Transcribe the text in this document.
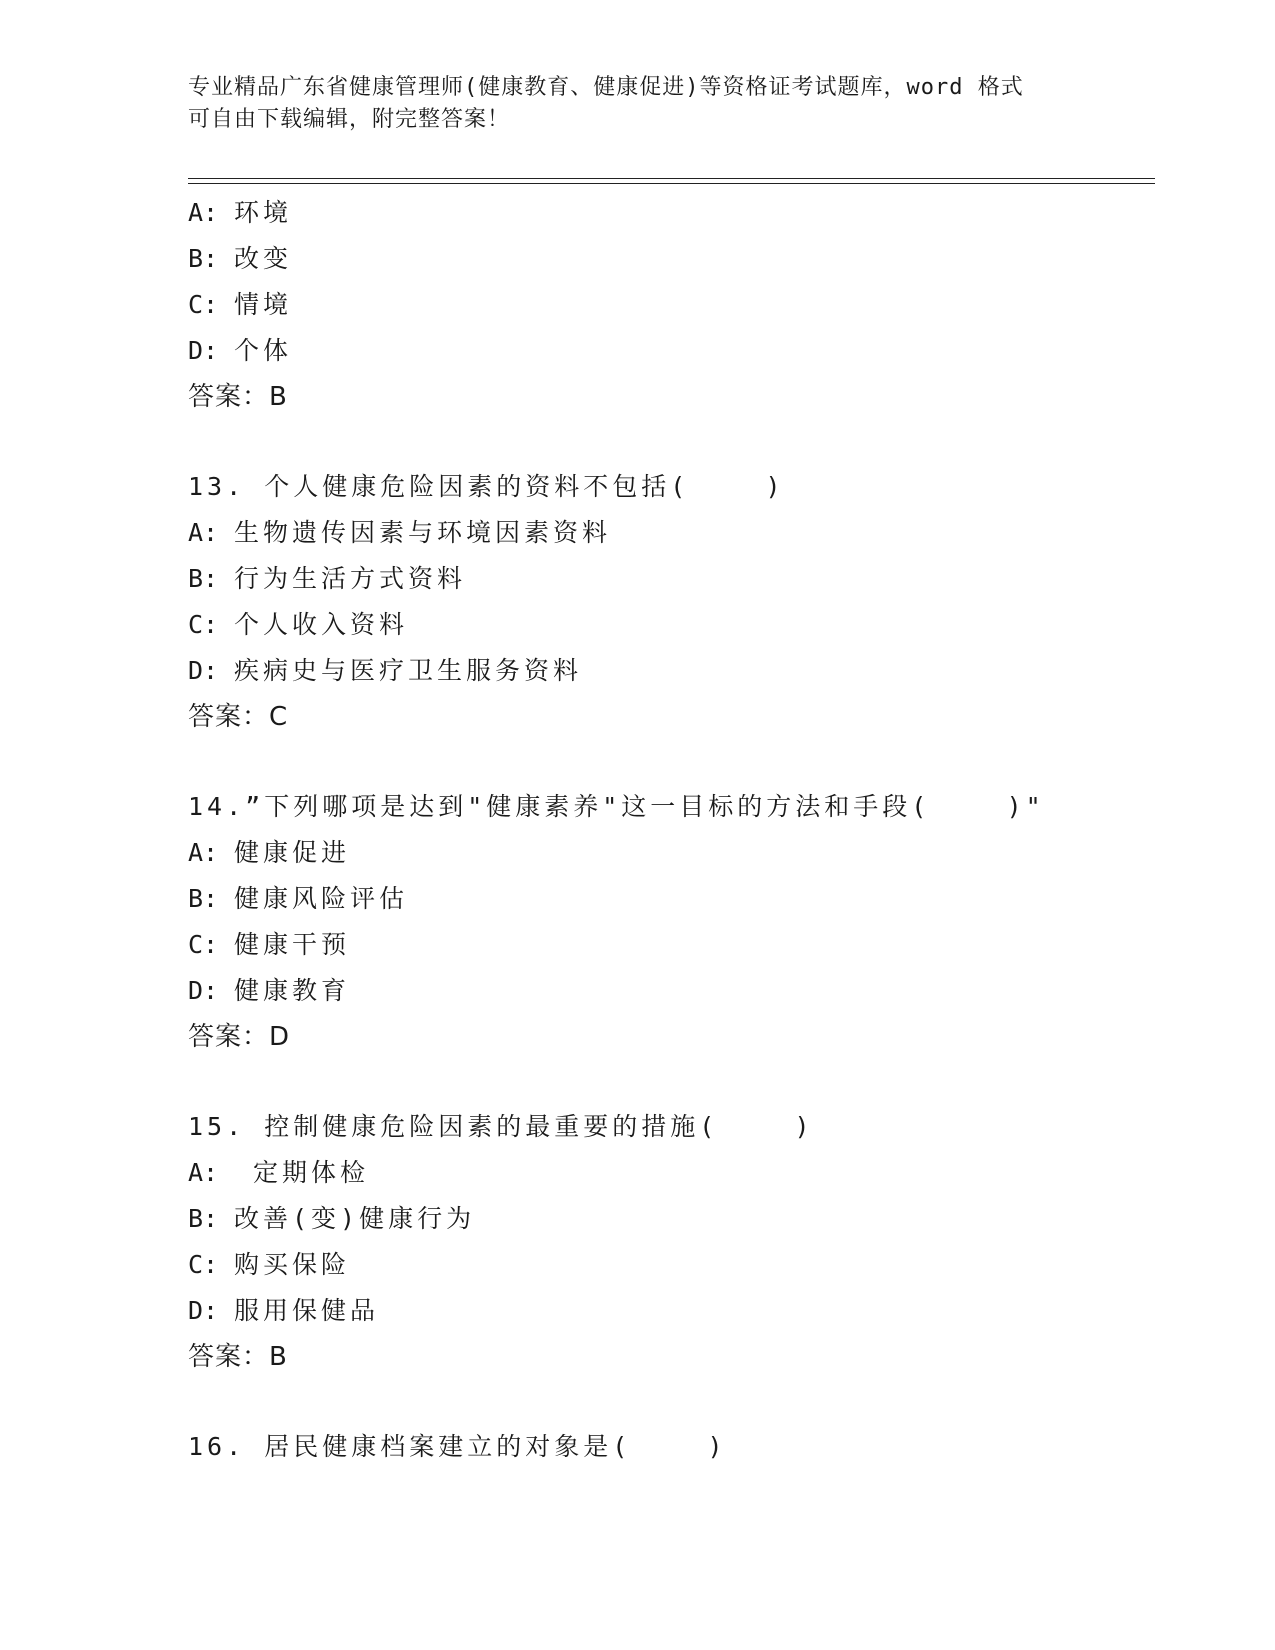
专业精品广东省健康管理师(健康教育、健康促进)等资格证考试题库，word 格式
可自由下载编辑，附完整答案！
A: 环境
B: 改变
C: 情境
D: 个体
答案：B
13. 个人健康危险因素的资料不包括(    )
A: 生物遗传因素与环境因素资料
B: 行为生活方式资料
C: 个人收入资料
D: 疾病史与医疗卫生服务资料
答案：C
14.”下列哪项是达到"健康素养"这一目标的方法和手段(    )"
A: 健康促进
B: 健康风险评估
C: 健康干预
D: 健康教育
答案：D
15. 控制健康危险因素的最重要的措施(    )
A: 定期体检
B: 改善(变)健康行为
C: 购买保险
D: 服用保健品
答案：B
16. 居民健康档案建立的对象是(    )
